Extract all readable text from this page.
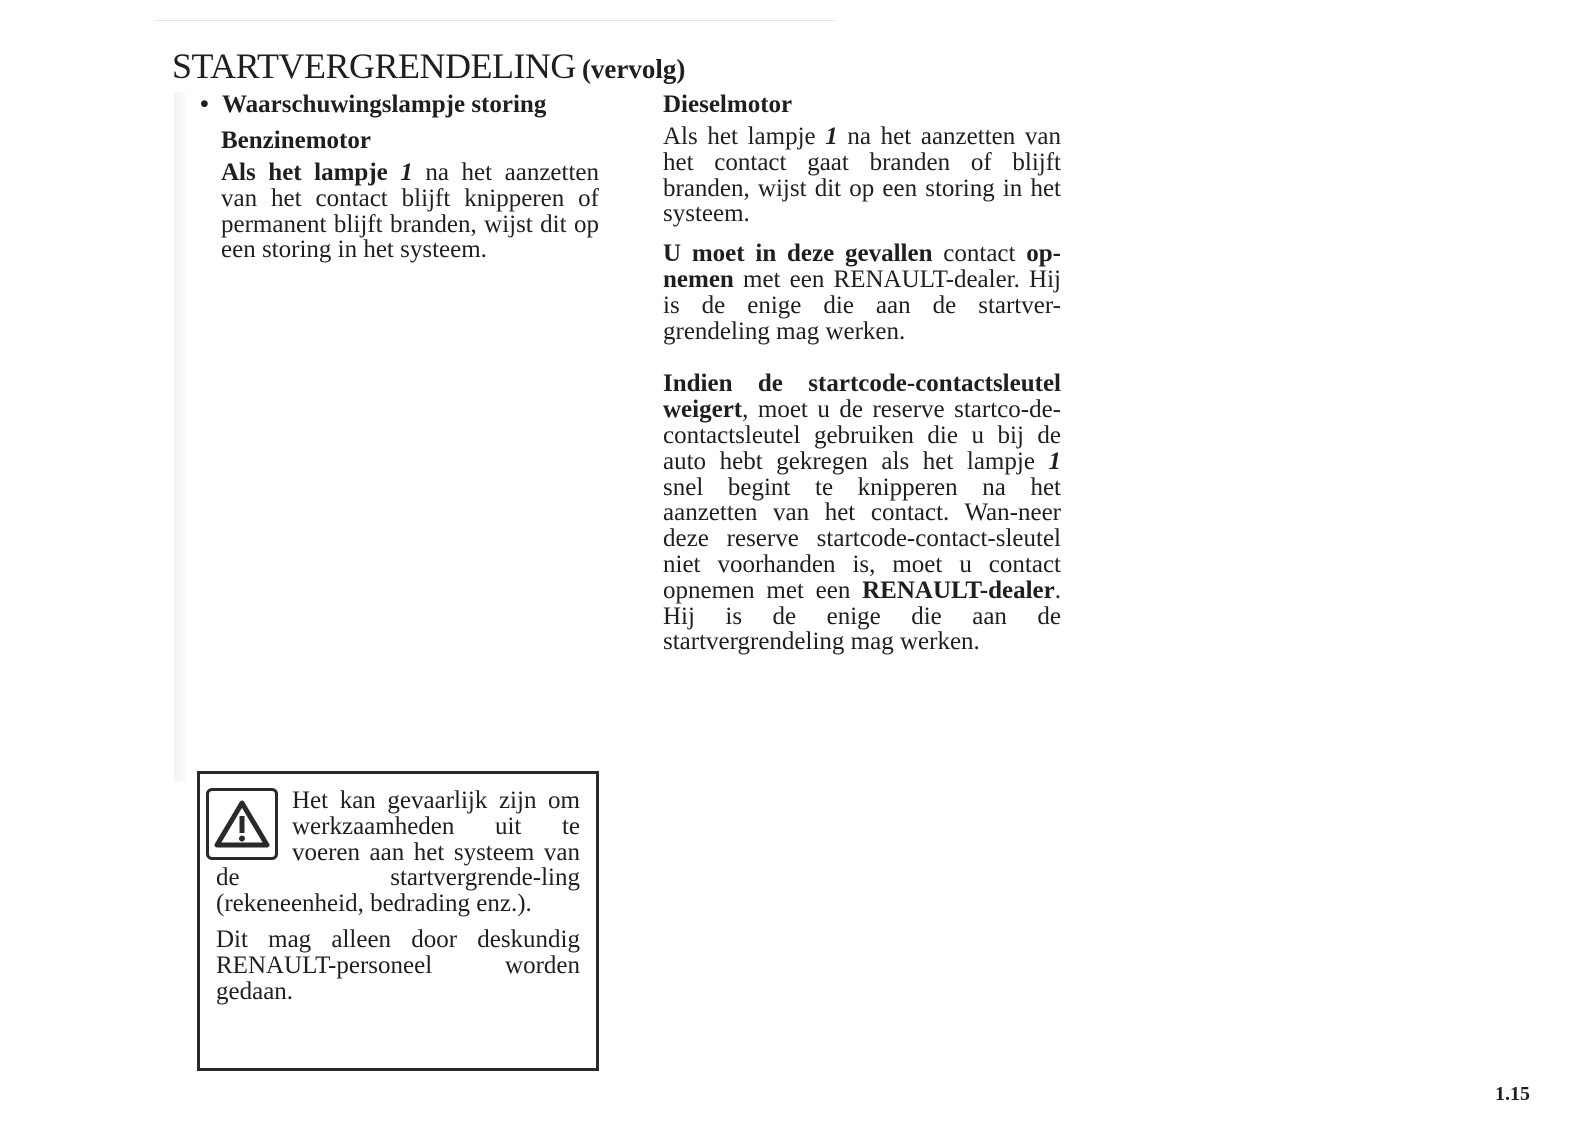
STARTVERGRENDELING (vervolg)

• Waarschuwingslampje storing

Benzinemotor

Als het lampje 1 na het aanzetten van het contact blijft knipperen of permanent blijft branden, wijst dit op een storing in het systeem.

Dieselmotor

Als het lampje 1 na het aanzetten van het contact gaat branden of blijft branden, wijst dit op een storing in het systeem.

U moet in deze gevallen contact op-nemen met een RENAULT-dealer. Hij is de enige die aan de startver-grendeling mag werken.

Indien de startcode-contactsleutel weigert, moet u de reserve startco-de-contactsleutel gebruiken die u bij de auto hebt gekregen als het lampje 1 snel begint te knipperen na het aanzetten van het contact. Wan-neer deze reserve startcode-contact-sleutel niet voorhanden is, moet u contact opnemen met een RENAULT-dealer. Hij is de enige die aan de startvergrendeling mag werken.

Het kan gevaarlijk zijn om werkzaamheden uit te voeren aan het systeem van de startvergrende-ling (rekeneenheid, bedrading enz.).

Dit mag alleen door deskundig RENAULT-personeel worden gedaan.

1.15
